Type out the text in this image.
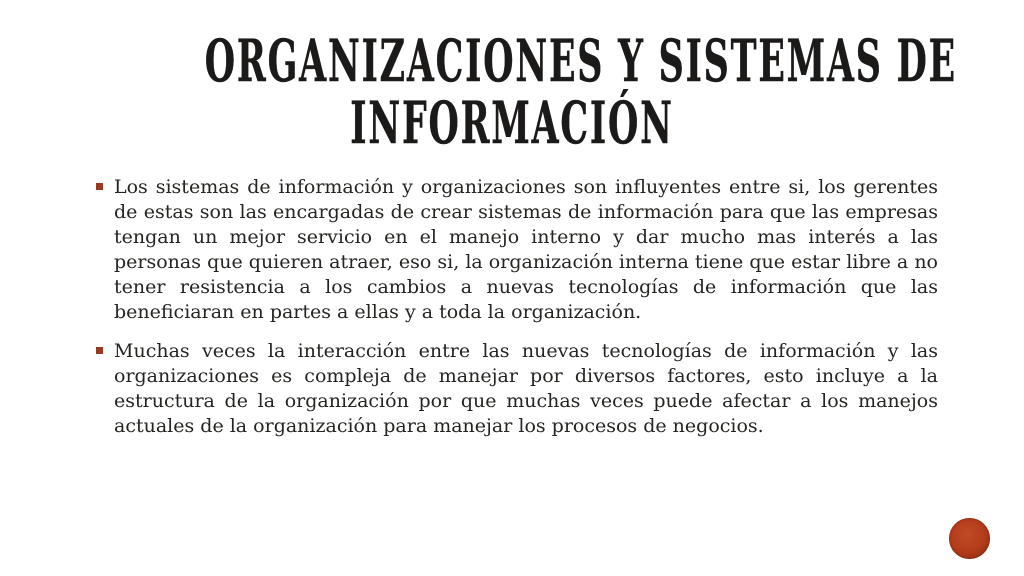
ORGANIZACIONES Y SISTEMAS DE
INFORMACIÓN

Los sistemas de información y organizaciones son influyentes entre si, los gerentes de estas son las encargadas de crear sistemas de información para que las empresas tengan un mejor servicio en el manejo interno y dar mucho mas interés a las personas que quieren atraer, eso si, la organización interna tiene que estar libre a no tener resistencia a los cambios a nuevas tecnologías de información que las beneficiaran en partes a ellas y a toda la organización.

Muchas veces la interacción entre las nuevas tecnologías de información y las organizaciones es compleja de manejar por diversos factores, esto incluye a la estructura de la organización por que muchas veces puede afectar a los manejos actuales de la organización para manejar los procesos de negocios.
